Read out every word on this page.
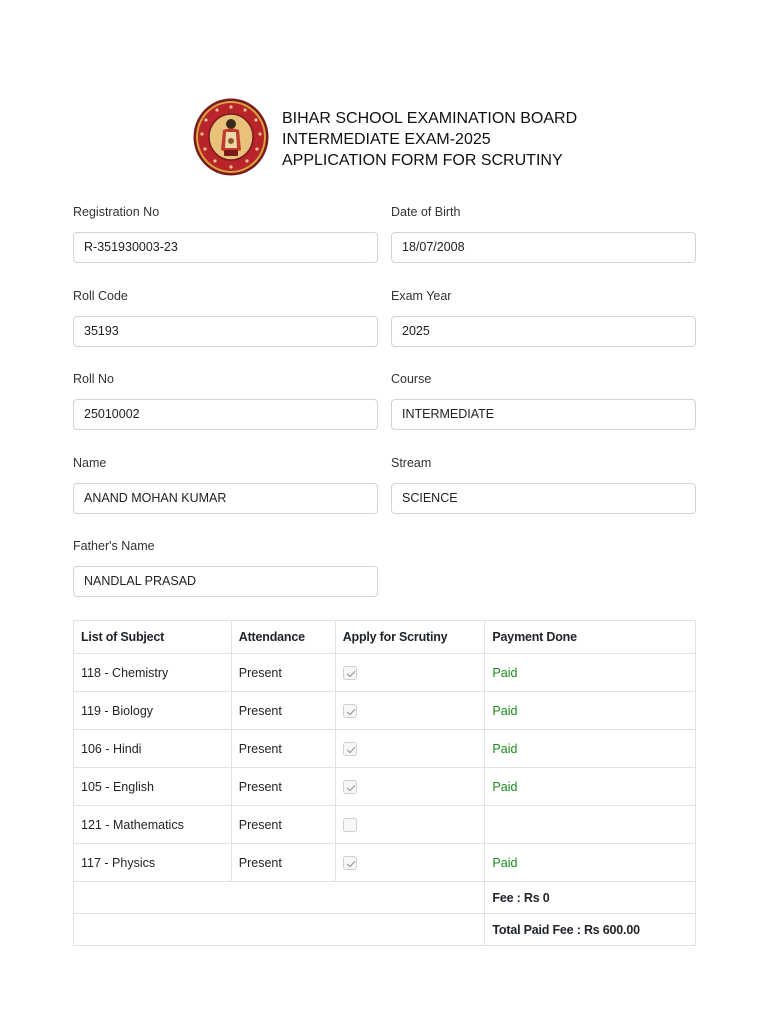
BIHAR SCHOOL EXAMINATION BOARD
INTERMEDIATE EXAM-2025
APPLICATION FORM FOR SCRUTINY
Registration No
R-351930003-23
Date of Birth
18/07/2008
Roll Code
35193
Exam Year
2025
Roll No
25010002
Course
INTERMEDIATE
Name
ANAND MOHAN KUMAR
Stream
SCIENCE
Father's Name
NANDLAL PRASAD
List of Subject	Attendance	Apply for Scrutiny	Payment Done
118 - Chemistry	Present		Paid
119 - Biology	Present		Paid
106 - Hindi	Present		Paid
105 - English	Present		Paid
121 - Mathematics	Present		
117 - Physics	Present		Paid
			Fee : Rs 0
			Total Paid Fee : Rs 600.00
